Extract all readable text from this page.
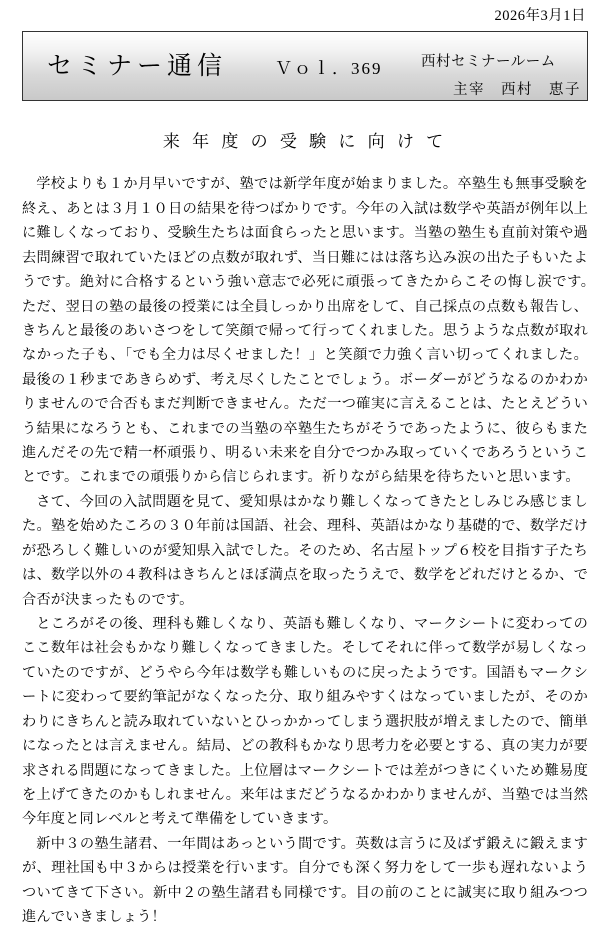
2026年3月1日
セミナー通信	Ｖｏｌ．369	西村セミナールーム
主宰　西村　恵子
来 年 度 の 受 験 に 向 け て

学校よりも１か月早いですが、塾では新学年度が始まりました。卒塾生も無事受験を終え、あとは３月１０日の結果を待つばかりです。今年の入試は数学や英語が例年以上に難しくなっており、受験生たちは面食らったと思います。当塾の塾生も直前対策や過去問練習で取れていたほどの点数が取れず、当日難にはは落ち込み涙の出た子もいたようです。絶対に合格するという強い意志で必死に頑張ってきたからこその悔し涙です。　ただ、翌日の塾の最後の授業には全員しっかり出席をして、自己採点の点数も報告し、きちんと最後のあいさつをして笑顔で帰って行ってくれました。思うような点数が取れなかった子も、「でも全力は尽くせました！」と笑顔で力強く言い切ってくれました。最後の１秒まであきらめず、考え尽くしたことでしょう。ボーダーがどうなるのかわかりませんので合否もまだ判断できません。ただ一つ確実に言えることは、たとえどういう結果になろうとも、これまでの当塾の卒塾生たちがそうであったように、彼らもまた進んだその先で精一杯頑張り、明るい未来を自分でつかみ取っていくであろうということです。これまでの頑張りから信じられます。祈りながら結果を待ちたいと思います。

さて、今回の入試問題を見て、愛知県はかなり難しくなってきたとしみじみ感じました。塾を始めたころの３０年前は国語、社会、理科、英語はかなり基礎的で、数学だけが恐ろしく難しいのが愛知県入試でした。そのため、名古屋トップ６校を目指す子たちは、数学以外の４教科はきちんとほぼ満点を取ったうえで、数学をどれだけとるか、で合否が決まったものです。

ところがその後、理科も難しくなり、英語も難しくなり、マークシートに変わってのここ数年は社会もかなり難しくなってきました。そしてそれに伴って数学が易しくなっていたのですが、どうやら今年は数学も難しいものに戻ったようです。国語もマークシートに変わって要約筆記がなくなった分、取り組みやすくはなっていましたが、そのかわりにきちんと読み取れていないとひっかかってしまう選択肢が増えましたので、簡単になったとは言えません。結局、どの教科もかなり思考力を必要とする、真の実力が要求される問題になってきました。上位層はマークシートでは差がつきにくいため難易度を上げてきたのかもしれません。来年はまだどうなるかわかりませんが、当塾では当然今年度と同レベルと考えて準備をしていきます。

新中３の塾生諸君、一年間はあっという間です。英数は言うに及ばず鍛えに鍛えますが、理社国も中３からは授業を行います。自分でも深く努力をして一歩も遅れないようついてきて下さい。新中２の塾生諸君も同様です。目の前のことに誠実に取り組みつつ進んでいきましょう！
